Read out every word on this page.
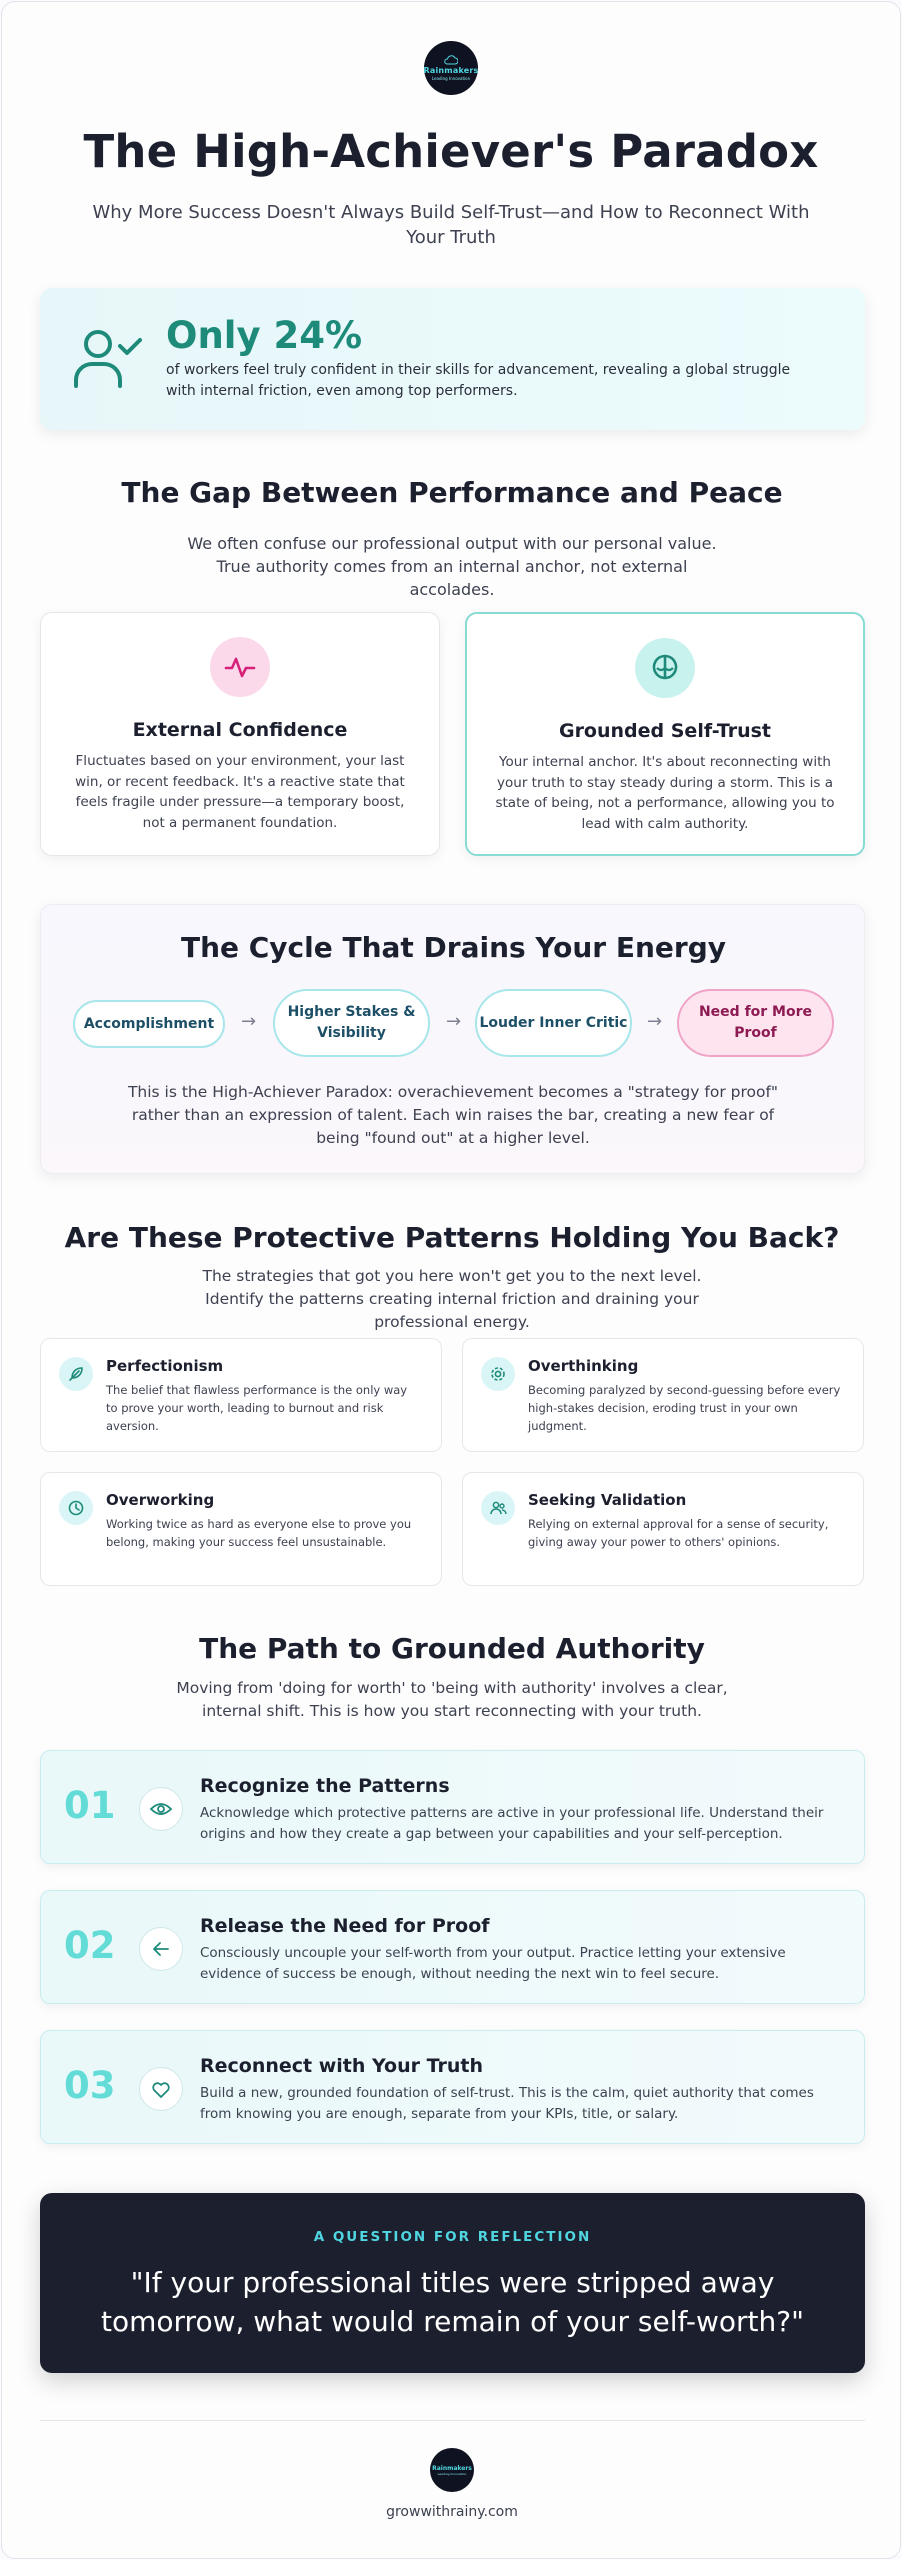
Rainmakers
Leading Innovation
The High-Achiever's Paradox

Why More Success Doesn't Always Build Self-Trust—and How to Reconnect With Your Truth

Only 24%
of workers feel truly confident in their skills for advancement, revealing a global struggle with internal friction, even among top performers.
The Gap Between Performance and Peace

We often confuse our professional output with our personal value. True authority comes from an internal anchor, not external accolades.

External Confidence

Fluctuates based on your environment, your last win, or recent feedback. It's a reactive state that feels fragile under pressure—a temporary boost, not a permanent foundation.

Grounded Self-Trust

Your internal anchor. It's about reconnecting with your truth to stay steady during a storm. This is a state of being, not a performance, allowing you to lead with calm authority.

The Cycle That Drains Your Energy
Accomplishment	→	Higher Stakes & Visibility
→	Louder Inner Critic →	Need for More Proof

This is the High-Achiever Paradox: overachievement becomes a "strategy for proof" rather than an expression of talent. Each win raises the bar, creating a new fear of being "found out" at a higher level.

Are These Protective Patterns Holding You Back?

The strategies that got you here won't get you to the next level. Identify the patterns creating internal friction and draining your professional energy.

Perfectionism
The belief that flawless performance is the only way to prove your worth, leading to burnout and risk aversion.
Overthinking
Becoming paralyzed by second-guessing before every high-stakes decision, eroding trust in your own judgment.
Overworking
Working twice as hard as everyone else to prove you belong, making your success feel unsustainable.
Seeking Validation
Relying on external approval for a sense of security, giving away your power to others' opinions.
The Path to Grounded Authority

Moving from 'doing for worth' to 'being with authority' involves a clear, internal shift. This is how you start reconnecting with your truth.

01	Recognize the Patterns
Acknowledge which protective patterns are active in your professional life. Understand their origins and how they create a gap between your capabilities and your self-perception.
02	Release the Need for Proof
Consciously uncouple your self-worth from your output. Practice letting your extensive evidence of success be enough, without needing the next win to feel secure.
03	Reconnect with Your Truth
Build a new, grounded foundation of self-trust. This is the calm, quiet authority that comes from knowing you are enough, separate from your KPIs, title, or salary.
A QUESTION FOR REFLECTION
"If your professional titles were stripped away tomorrow, what would remain of your self-worth?"
Rainmakers
Leading Innovation
growwithrainy.com
